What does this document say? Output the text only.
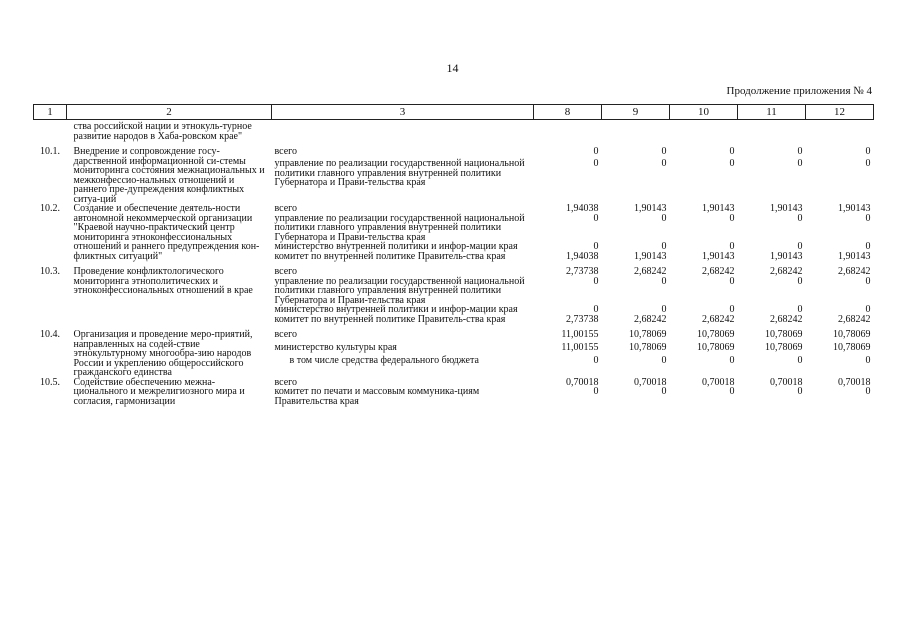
14
Продолжение приложения № 4
1	2	3	8	9	10	11	12
	ства российской нации и этнокуль-турное развитие народов в Хаба-ровском крае"						
10.1.	Внедрение и сопровождение госу-дарственной информационной си-стемы мониторинга состояния межнациональных и межконфессио-нальных отношений и раннего пре-дупреждения конфликтных ситуа-ций	всего	0	0	0	0	0
		управление по реализации государственной национальной политики главного управления внутренней политики Губернатора и Прави-тельства края	0	0	0	0	0
10.2.	Создание и обеспечение деятель-ности автономной некоммерческой организации "Краевой научно-практический центр мониторинга этноконфессиональных отношений и раннего предупреждения кон-фликтных ситуаций"	всего	1,94038	1,90143	1,90143	1,90143	1,90143
		управление по реализации государственной национальной политики главного управления внутренней политики Губернатора и Прави-тельства края	0	0	0	0	0
		министерство внутренней политики и инфор-мации края	0	0	0	0	0
		комитет по внутренней политике Правитель-ства края	1,94038	1,90143	1,90143	1,90143	1,90143
10.3.	Проведение конфликтологического мониторинга этнополитических и этноконфессиональных отношений в крае	всего	2,73738	2,68242	2,68242	2,68242	2,68242
		управление по реализации государственной национальной политики главного управления внутренней политики Губернатора и Прави-тельства края	0	0	0	0	0
		министерство внутренней политики и инфор-мации края	0	0	0	0	0
		комитет по внутренней политике Правитель-ства края	2,73738	2,68242	2,68242	2,68242	2,68242
10.4.	Организация и проведение меро-приятий, направленных на содей-ствие этнокультурному многообра-зию народов России и укреплению общероссийского гражданского единства	всего	11,00155	10,78069	10,78069	10,78069	10,78069
		министерство культуры края	11,00155	10,78069	10,78069	10,78069	10,78069
		в том числе средства федерального бюджета	0	0	0	0	0
10.5.	Содействие обеспечению межна-ционального и межрелигиозного мира и согласия, гармонизации	всего	0,70018	0,70018	0,70018	0,70018	0,70018
		комитет по печати и массовым коммуника-циям Правительства края	0	0	0	0	0
